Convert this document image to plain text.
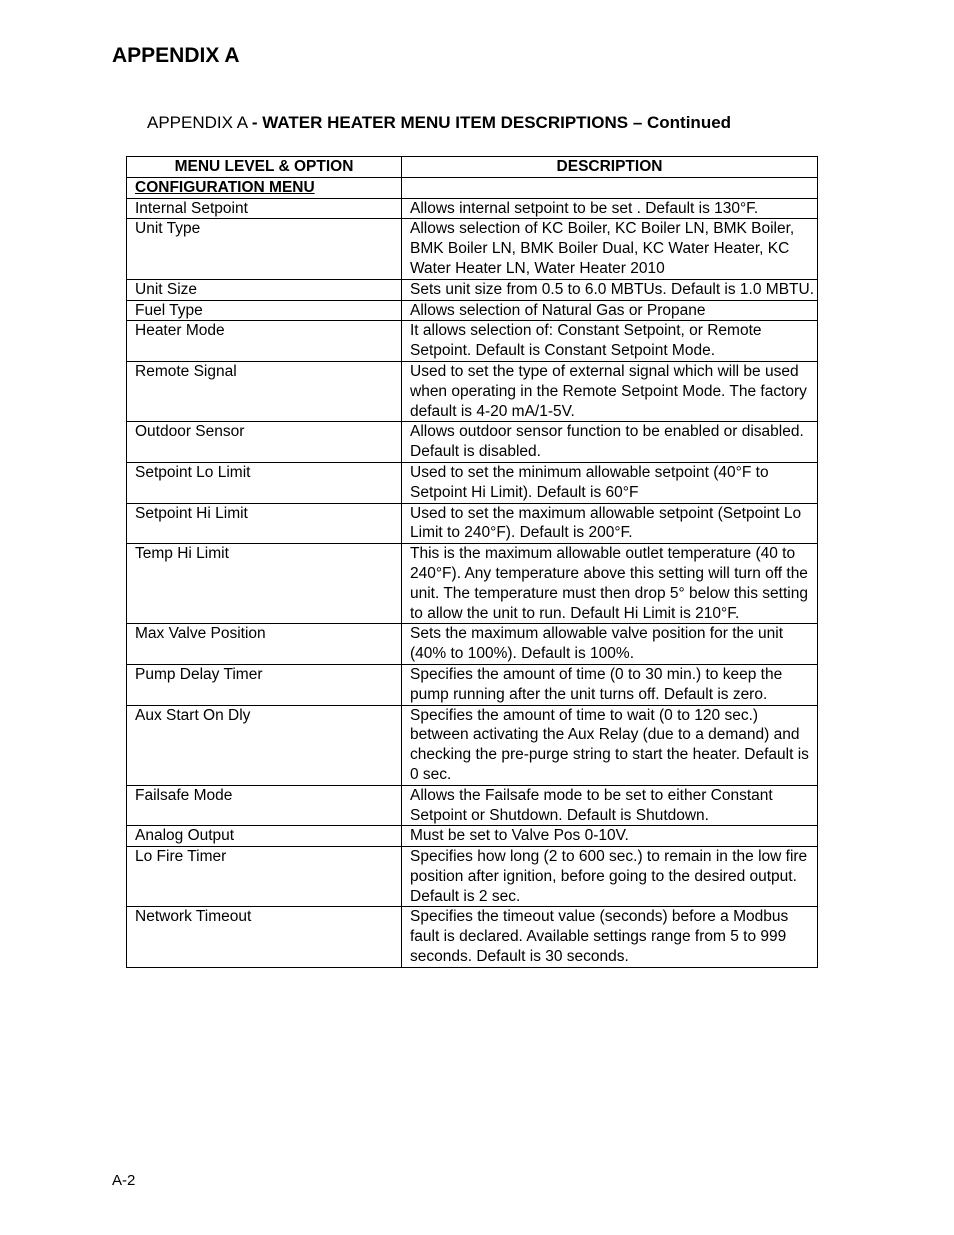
APPENDIX A
APPENDIX A - WATER HEATER MENU ITEM DESCRIPTIONS – Continued
MENU LEVEL & OPTION	DESCRIPTION
CONFIGURATION MENU	
Internal Setpoint	Allows internal setpoint to be set . Default is 130°F.
Unit Type	Allows selection of KC Boiler, KC Boiler LN, BMK Boiler, BMK Boiler LN, BMK Boiler Dual, KC Water Heater, KC Water Heater LN, Water Heater 2010
Unit Size	Sets unit size from 0.5 to 6.0 MBTUs. Default is 1.0 MBTU.
Fuel Type	Allows selection of Natural Gas or Propane
Heater Mode	It allows selection of: Constant Setpoint, or Remote Setpoint. Default is Constant Setpoint Mode.
Remote Signal	Used to set the type of external signal which will be used when operating in the Remote Setpoint Mode. The factory default is 4-20 mA/1-5V.
Outdoor Sensor	Allows outdoor sensor function to be enabled or disabled. Default is disabled.
Setpoint Lo Limit	Used to set the minimum allowable setpoint (40°F to Setpoint Hi Limit). Default is 60°F
Setpoint Hi Limit	Used to set the maximum allowable setpoint (Setpoint Lo Limit to 240°F). Default is 200°F.
Temp Hi Limit	This is the maximum allowable outlet temperature (40 to 240°F). Any temperature above this setting will turn off the unit. The temperature must then drop 5° below this setting to allow the unit to run. Default Hi Limit is 210°F.
Max Valve Position	Sets the maximum allowable valve position for the unit (40% to 100%). Default is 100%.
Pump Delay Timer	Specifies the amount of time (0 to 30 min.) to keep the pump running after the unit turns off. Default is zero.
Aux Start On Dly	Specifies the amount of time to wait (0 to 120 sec.) between activating the Aux Relay (due to a demand) and checking the pre-purge string to start the heater. Default is 0 sec.
Failsafe Mode	Allows the Failsafe mode to be set to either Constant Setpoint or Shutdown. Default is Shutdown.
Analog Output	Must be set to Valve Pos 0-10V.
Lo Fire Timer	Specifies how long (2 to 600 sec.) to remain in the low fire position after ignition, before going to the desired output. Default is 2 sec.
Network Timeout	Specifies the timeout value (seconds) before a Modbus fault is declared. Available settings range from 5 to 999 seconds. Default is 30 seconds.
A-2
